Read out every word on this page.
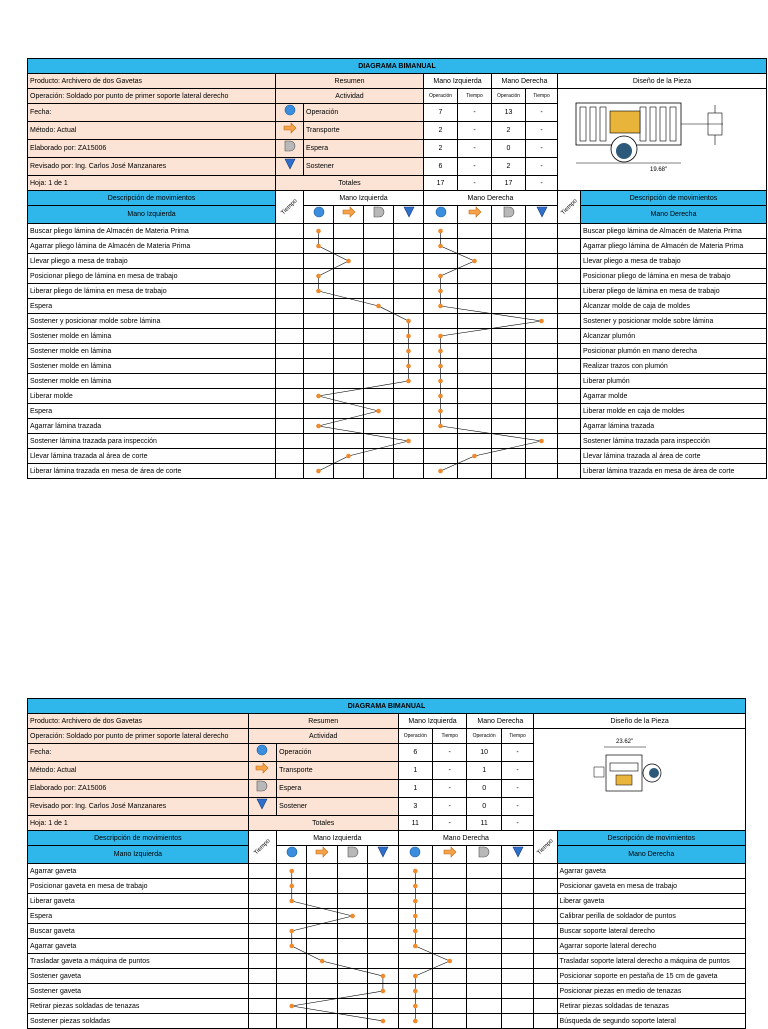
DIAGRAMA BIMANUAL											
Producto: Archivero de dos Gavetas	Resumen					Mano Izquierda		Mano Derecha		Diseño de la Pieza	
Operación: Soldado por punto de primer soporte lateral derecho	Actividad					Operación	Tiempo	Operación	Tiempo	19.68"	

Fecha:		Operación				7	-	13	-		
Método: Actual		Transporte				2	-	2	-		
Elaborado por: ZA15006		Espera				2	-	0	-		
Revisado por: Ing. Carlos José Manzanares		Sostener				6	-	2	-		
Hoja: 1 de 1	Totales					17	-	17	-		
Descripción de movimientos	Tiempo	Mano Izquierda				Mano Derecha				Tiempo	Descripción de movimientos
Mano Izquierda											Mano Derecha
Buscar pliego lámina de Almacén de Materia Prima											Buscar pliego lámina de Almacén de Materia Prima
Agarrar pliego lámina de Almacén de Materia Prima											Agarrar pliego lámina de Almacén de Materia Prima
Llevar pliego a mesa de trabajo											Llevar pliego a mesa de trabajo
Posicionar pliego de lámina en mesa de trabajo											Posicionar pliego de lámina en mesa de trabajo
Liberar pliego de lámina en mesa de trabajo											Liberar pliego de lámina en mesa de trabajo
Espera											Alcanzar molde de caja de moldes
Sostener y posicionar molde sobre lámina											Sostener y posicionar molde sobre lámina
Sostener molde en lámina											Alcanzar plumón
Sostener molde en lámina											Posicionar plumón en mano derecha
Sostener molde en lámina											Realizar trazos con plumón
Sostener molde en lámina											Liberar plumón
Liberar molde											Agarrar molde
Espera											Liberar molde en caja de moldes
Agarrar lámina trazada											Agarrar lámina trazada
Sostener lámina trazada para inspección											Sostener lámina trazada para inspección
Llevar lámina trazada al área de corte											Llevar lámina trazada al área de corte
Liberar lámina trazada en mesa de área de corte											Liberar lámina trazada en mesa de área de corte
DIAGRAMA BIMANUAL											
Producto: Archivero de dos Gavetas	Resumen					Mano Izquierda		Mano Derecha		Diseño de la Pieza	
Operación: Soldado por punto de primer soporte lateral derecho	Actividad					Operación	Tiempo	Operación	Tiempo	23.62"	

Fecha:		Operación				6	-	10	-		
Método: Actual		Transporte				1	-	1	-		
Elaborado por: ZA15006		Espera				1	-	0	-		
Revisado por: Ing. Carlos José Manzanares		Sostener				3	-	0	-		
Hoja: 1 de 1	Totales					11	-	11	-		
Descripción de movimientos	Tiempo	Mano Izquierda				Mano Derecha				Tiempo	Descripción de movimientos
Mano Izquierda											Mano Derecha
Agarrar gaveta											Agarrar gaveta
Posicionar gaveta en mesa de trabajo											Posicionar gaveta en mesa de trabajo
Liberar gaveta											Liberar gaveta
Espera											Calibrar perilla de soldador de puntos
Buscar gaveta											Buscar soporte lateral derecho
Agarrar gaveta											Agarrar soporte lateral derecho
Trasladar gaveta a máquina de puntos											Trasladar soporte lateral derecho a máquina de puntos
Sostener gaveta											Posicionar soporte en pestaña de 15 cm de gaveta
Sostener gaveta											Posicionar piezas en medio de tenazas
Retirar piezas soldadas de tenazas											Retirar piezas soldadas de tenazas
Sostener piezas soldadas											Búsqueda de segundo soporte lateral
